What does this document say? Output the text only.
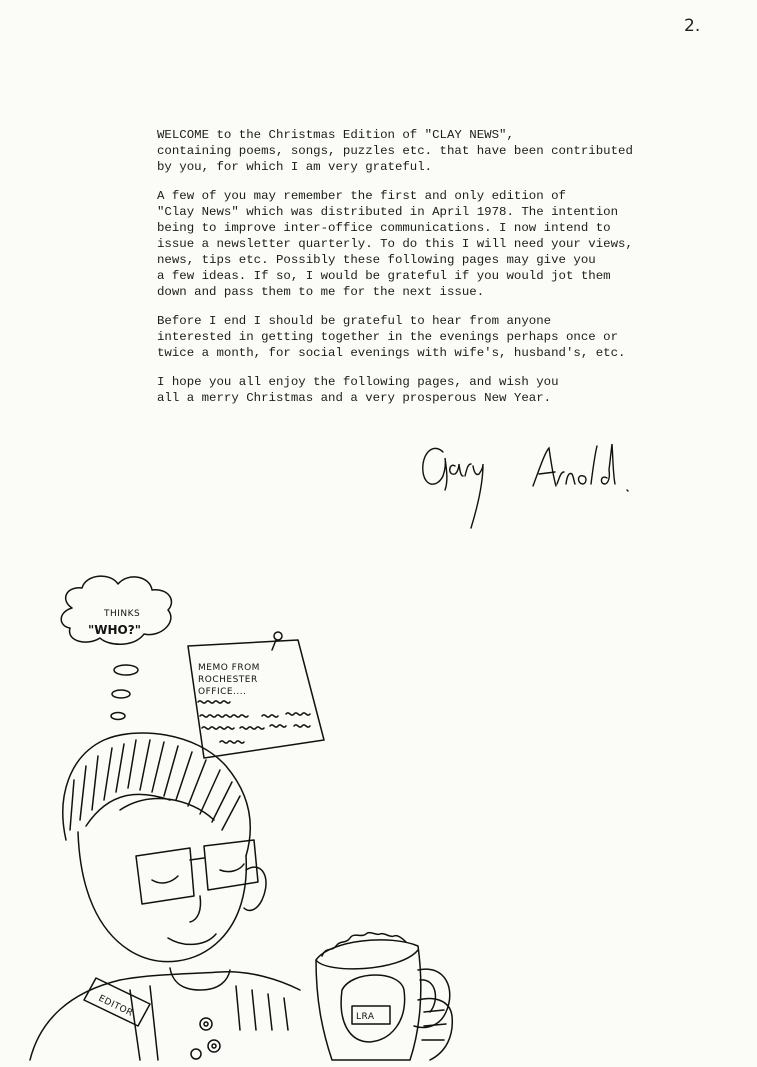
2.

WELCOME to the Christmas Edition of "CLAY NEWS",
containing poems, songs, puzzles etc. that have been contributed
by you, for which I am very grateful.

A few of you may remember the first and only edition of
"Clay News" which was distributed in April 1978. The intention
being to improve inter-office communications. I now intend to
issue a newsletter quarterly. To do this I will need your views,
news, tips etc. Possibly these following pages may give you
a few ideas. If so, I would be grateful if you would jot them
down and pass them to me for the next issue.

Before I end I should be grateful to hear from anyone
interested in getting together in the evenings perhaps once or
twice a month, for social evenings with wife's, husband's, etc.

I hope you all enjoy the following pages, and wish you
all a merry Christmas and a very prosperous New Year.

THINKS
"WHO?"
MEMO FROM
ROCHESTER
OFFICE....
EDITOR	LRA
